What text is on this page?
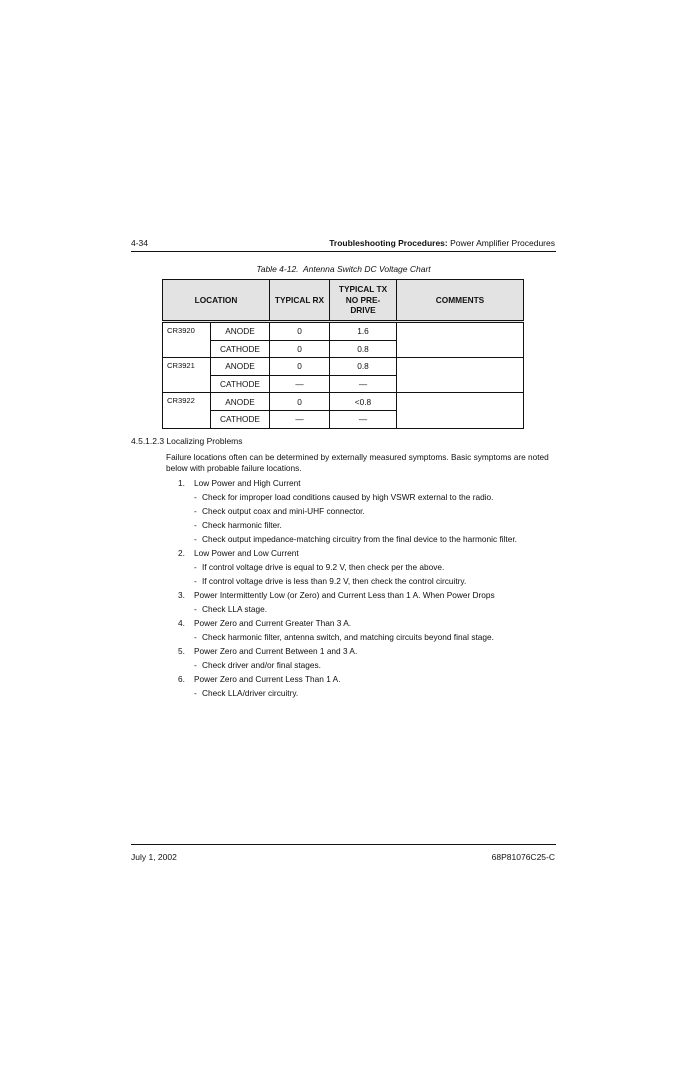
4-34	Troubleshooting Procedures: Power Amplifier Procedures
Table 4-12.  Antenna Switch DC Voltage Chart
LOCATION		TYPICAL RX	TYPICAL TX NO PRE-DRIVE	COMMENTS
CR3920	ANODE	0	1.6	
	CATHODE	0	0.8	
CR3921	ANODE	0	0.8	
	CATHODE	—	—	
CR3922	ANODE	0	<0.8	
	CATHODE	—	—	
4.5.1.2.3 Localizing Problems
Failure locations often can be determined by externally measured symptoms. Basic symptoms are noted below with probable failure locations.
1. Low Power and High Current
- Check for improper load conditions caused by high VSWR external to the radio.
- Check output coax and mini-UHF connector.
- Check harmonic filter.
- Check output impedance-matching circuitry from the final device to the harmonic filter.
2. Low Power and Low Current
- If control voltage drive is equal to 9.2 V, then check per the above.
- If control voltage drive is less than 9.2 V, then check the control circuitry.
3. Power Intermittently Low (or Zero) and Current Less than 1 A. When Power Drops
- Check LLA stage.
4. Power Zero and Current Greater Than 3 A.
- Check harmonic filter, antenna switch, and matching circuits beyond final stage.
5. Power Zero and Current Between 1 and 3 A.
- Check driver and/or final stages.
6. Power Zero and Current Less Than 1 A.
- Check LLA/driver circuitry.
July 1, 2002	68P81076C25-C
